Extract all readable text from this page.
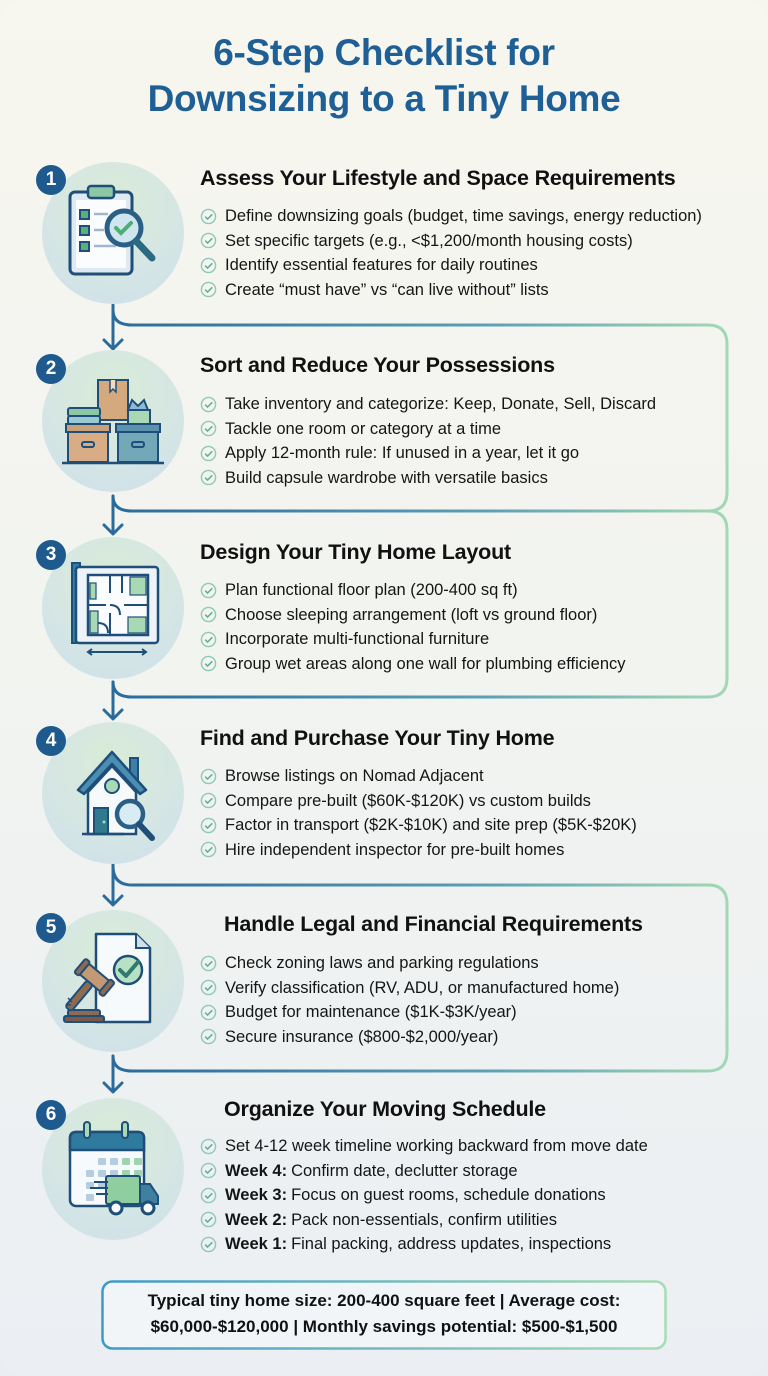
6-Step Checklist for
Downsizing to a Tiny Home
1	Assess Your Lifestyle and Space Requirements
Define downsizing goals (budget, time savings, energy reduction)
Set specific targets (e.g., <$1,200/month housing costs)
Identify essential features for daily routines
Create “must have” vs “can live without” lists
2	Sort and Reduce Your Possessions
Take inventory and categorize: Keep, Donate, Sell, Discard
Tackle one room or category at a time
Apply 12-month rule: If unused in a year, let it go
Build capsule wardrobe with versatile basics
3	Design Your Tiny Home Layout
Plan functional floor plan (200-400 sq ft)
Choose sleeping arrangement (loft vs ground floor)
Incorporate multi-functional furniture
Group wet areas along one wall for plumbing efficiency
4	Find and Purchase Your Tiny Home
Browse listings on Nomad Adjacent
Compare pre-built ($60K-$120K) vs custom builds
Factor in transport ($2K-$10K) and site prep ($5K-$20K)
Hire independent inspector for pre-built homes
5	Handle Legal and Financial Requirements
Check zoning laws and parking regulations
Verify classification (RV, ADU, or manufactured home)
Budget for maintenance ($1K-$3K/year)
Secure insurance ($800-$2,000/year)
6	Organize Your Moving Schedule
Set 4-12 week timeline working backward from move date
Week 4: Confirm date, declutter storage
Week 3: Focus on guest rooms, schedule donations
Week 2: Pack non-essentials, confirm utilities
Week 1: Final packing, address updates, inspections
Typical tiny home size: 200-400 square feet | Average cost:
$60,000-$120,000 | Monthly savings potential: $500-$1,500
